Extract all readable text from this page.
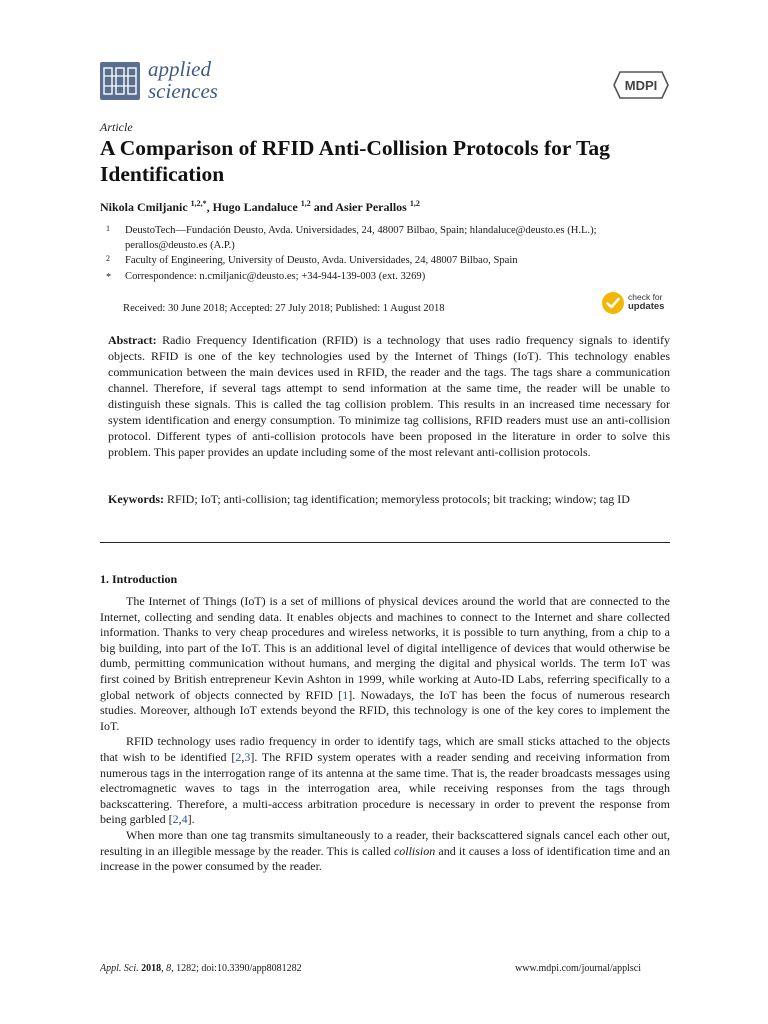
applied
sciences	MDPI
Article
A Comparison of RFID Anti-Collision Protocols for Tag Identification
Nikola Cmiljanic $^{1,2,*}$, Hugo Landaluce $^{1,2}$ and Asier Perallos $^{1,2}$
1 DeustoTech—Fundación Deusto, Avda. Universidades, 24, 48007 Bilbao, Spain; hlandaluce@deusto.es (H.L.); perallos@deusto.es (A.P.)
2 Faculty of Engineering, University of Deusto, Avda. Universidades, 24, 48007 Bilbao, Spain
* Correspondence: n.cmiljanic@deusto.es; +34-944-139-003 (ext. 3269)
Received: 30 June 2018; Accepted: 27 July 2018; Published: 1 August 2018
check for
updates
Abstract: Radio Frequency Identification (RFID) is a technology that uses radio frequency signals to identify objects. RFID is one of the key technologies used by the Internet of Things (IoT). This technology enables communication between the main devices used in RFID, the reader and the tags. The tags share a communication channel. Therefore, if several tags attempt to send information at the same time, the reader will be unable to distinguish these signals. This is called the tag collision problem. This results in an increased time necessary for system identification and energy consumption. To minimize tag collisions, RFID readers must use an anti-collision protocol. Different types of anti-collision protocols have been proposed in the literature in order to solve this problem. This paper provides an update including some of the most relevant anti-collision protocols.
Keywords: RFID; IoT; anti-collision; tag identification; memoryless protocols; bit tracking; window; tag ID
1. Introduction

The Internet of Things (IoT) is a set of millions of physical devices around the world that are connected to the Internet, collecting and sending data. It enables objects and machines to connect to the Internet and share collected information. Thanks to very cheap procedures and wireless networks, it is possible to turn anything, from a chip to a big building, into part of the IoT. This is an additional level of digital intelligence of devices that would otherwise be dumb, permitting communication without humans, and merging the digital and physical worlds. The term IoT was first coined by British entrepreneur Kevin Ashton in 1999, while working at Auto-ID Labs, referring specifically to a global network of objects connected by RFID [1]. Nowadays, the IoT has been the focus of numerous research studies. Moreover, although IoT extends beyond the RFID, this technology is one of the key cores to implement the IoT.

RFID technology uses radio frequency in order to identify tags, which are small sticks attached to the objects that wish to be identified [2,3]. The RFID system operates with a reader sending and receiving information from numerous tags in the interrogation range of its antenna at the same time. That is, the reader broadcasts messages using electromagnetic waves to tags in the interrogation area, while receiving responses from the tags through backscattering. Therefore, a multi-access arbitration procedure is necessary in order to prevent the response from being garbled [2,4].

When more than one tag transmits simultaneously to a reader, their backscattered signals cancel each other out, resulting in an illegible message by the reader. This is called collision and it causes a loss of identification time and an increase in the power consumed by the reader.

Appl. Sci. 2018, 8, 1282; doi:10.3390/app8081282	www.mdpi.com/journal/applsci
